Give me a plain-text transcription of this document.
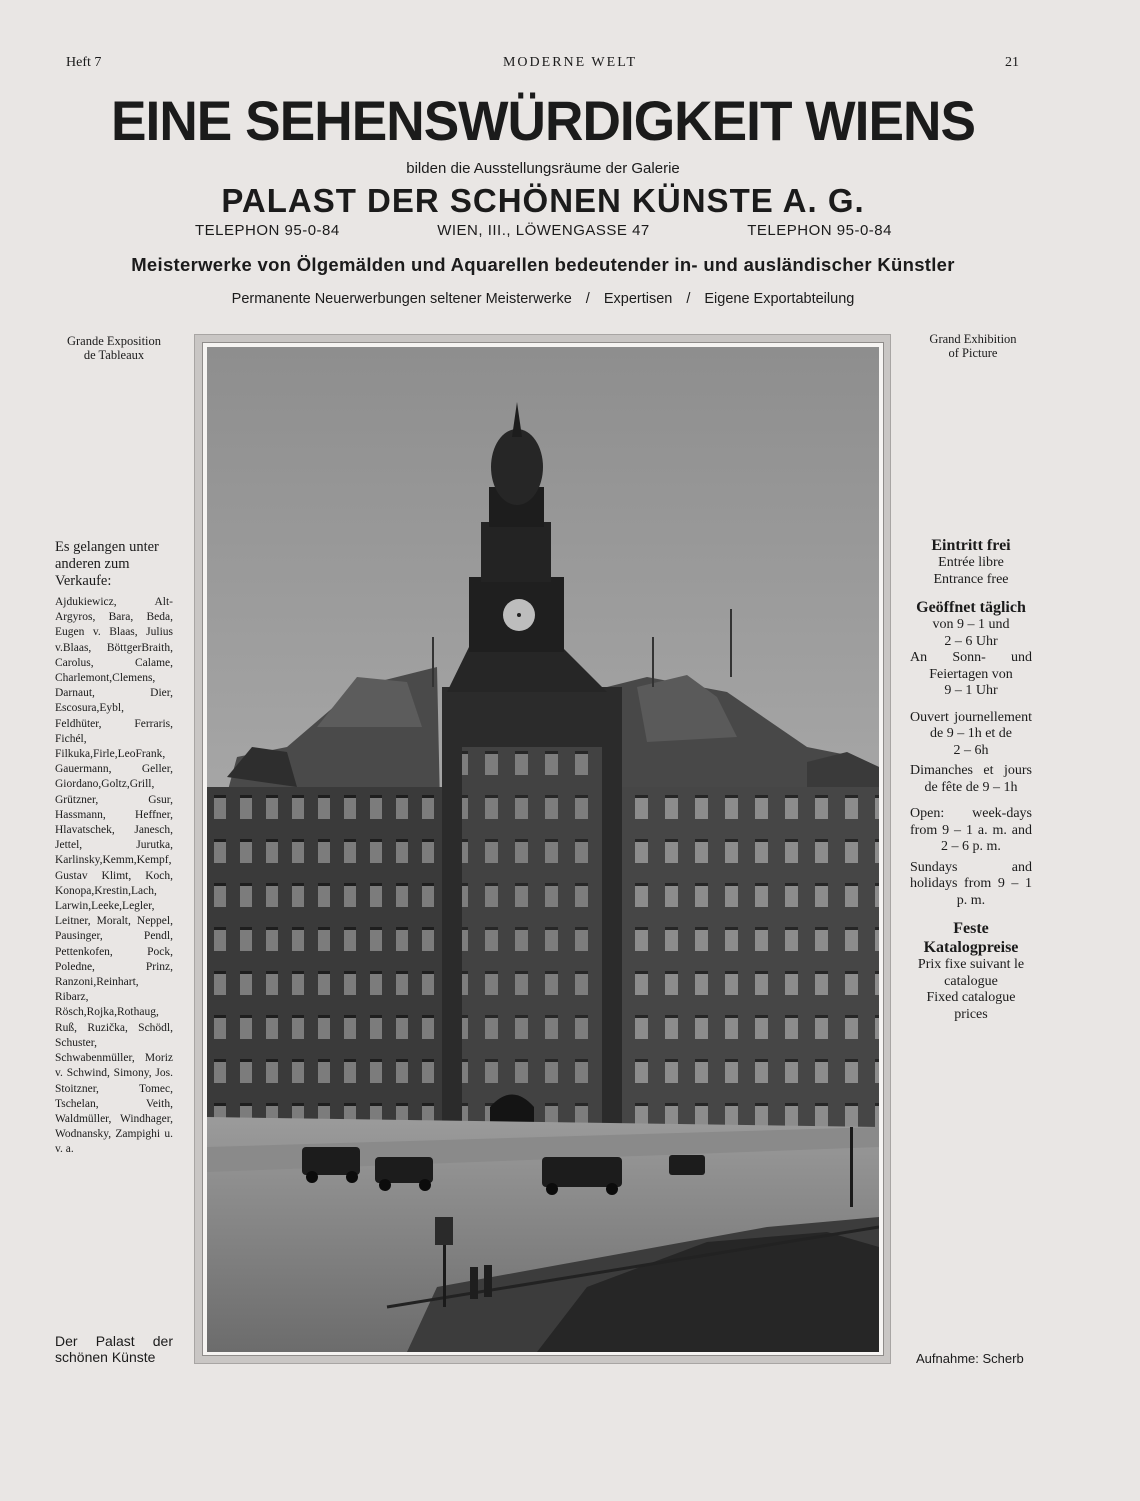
Heft 7	MODERNE WELT	21
EINE SEHENSWÜRDIGKEIT WIENS
bilden die Ausstellungsräume der Galerie
PALAST DER SCHÖNEN KÜNSTE A. G.
TELEPHON 95-0-84	WIEN, III., LÖWENGASSE 47	TELEPHON 95-0-84
Meisterwerke von Ölgemälden und Aquarellen bedeutender in- und ausländischer Künstler
Permanente Neuerwerbungen seltener Meisterwerke / Expertisen / Eigene Exportabteilung
Grande Exposition
de Tableaux
Grand Exhibition
of Picture
Es gelangen unter anderen zum Verkaufe:
Ajdukiewicz, Alt-Argyros, Bara, Beda, Eugen v. Blaas, Julius v.Blaas, BöttgerBraith, Carolus, Calame, Charlemont,Clemens, Darnaut, Dier, Escosura,Eybl, Feldhüter, Ferraris, Fichél, Filkuka,Firle,LeoFrank, Gauermann, Geller, Giordano,Goltz,Grill, Grützner, Gsur, Hassmann, Heffner, Hlavatschek, Janesch, Jettel, Jurutka, Karlinsky,Kemm,Kempf, Gustav Klimt, Koch, Konopa,Krestin,Lach, Larwin,Leeke,Legler, Leitner, Moralt, Neppel, Pausinger, Pendl, Pettenkofen, Pock, Poledne, Prinz, Ranzoni,Reinhart, Ribarz, Rösch,Rojka,Rothaug, Ruß, Ruzička, Schödl, Schuster, Schwabenmüller, Moriz v. Schwind, Simony, Jos. Stoitzner, Tomec, Tschelan, Veith, Waldmüller, Windhager, Wodnansky, Zampighi u. v. a.
Eintritt frei
Entrée libre
Entrance free
Geöffnet täglich
von 9 – 1 und
2 – 6 Uhr
An Sonn- und Feiertagen von
9 – 1 Uhr
Ouvert journellement de 9 – 1h et de
2 – 6h
Dimanches et jours de fête de 9 – 1h
Open: week-days from 9 – 1 a. m. and 2 – 6 p. m.
Sundays and holidays from 9 – 1 p. m.
Feste Katalogpreise
Prix fixe suivant le catalogue
Fixed catalogue prices
Der Palast der schönen Künste	Aufnahme: Scherb
